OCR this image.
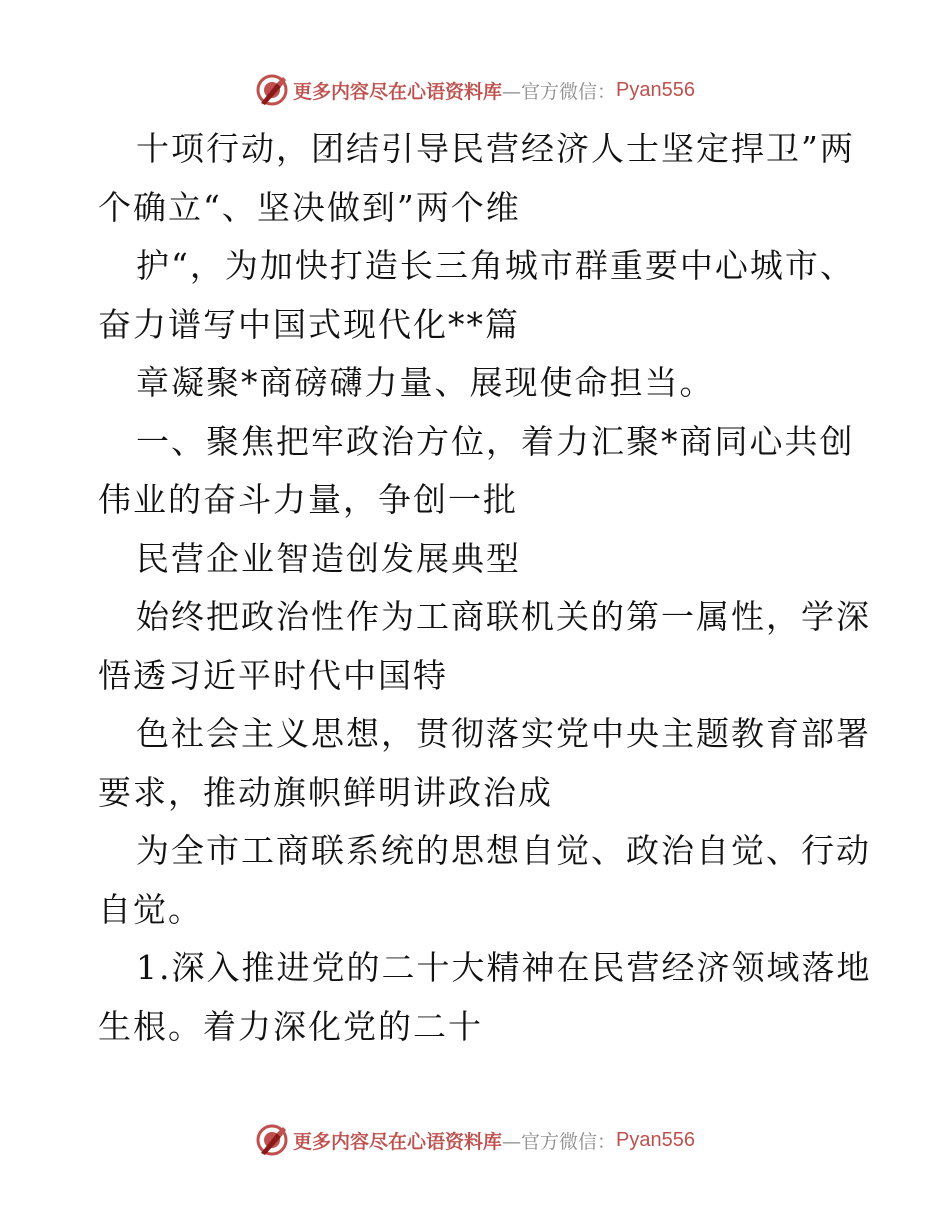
更多内容尽在心语资料库 —官方微信： Pyan556
十项行动，团结引导民营经济人士坚定捍卫”两
个确立“、坚决做到”两个维
护“，为加快打造长三角城市群重要中心城市、
奋力谱写中国式现代化**篇
章凝聚*商磅礴力量、展现使命担当。
一、聚焦把牢政治方位，着力汇聚*商同心共创
伟业的奋斗力量，争创一批
民营企业智造创发展典型
始终把政治性作为工商联机关的第一属性，学深
悟透习近平时代中国特
色社会主义思想，贯彻落实党中央主题教育部署
要求，推动旗帜鲜明讲政治成
为全市工商联系统的思想自觉、政治自觉、行动
自觉。
1.深入推进党的二十大精神在民营经济领域落地
生根。着力深化党的二十
更多内容尽在心语资料库 —官方微信： Pyan556
